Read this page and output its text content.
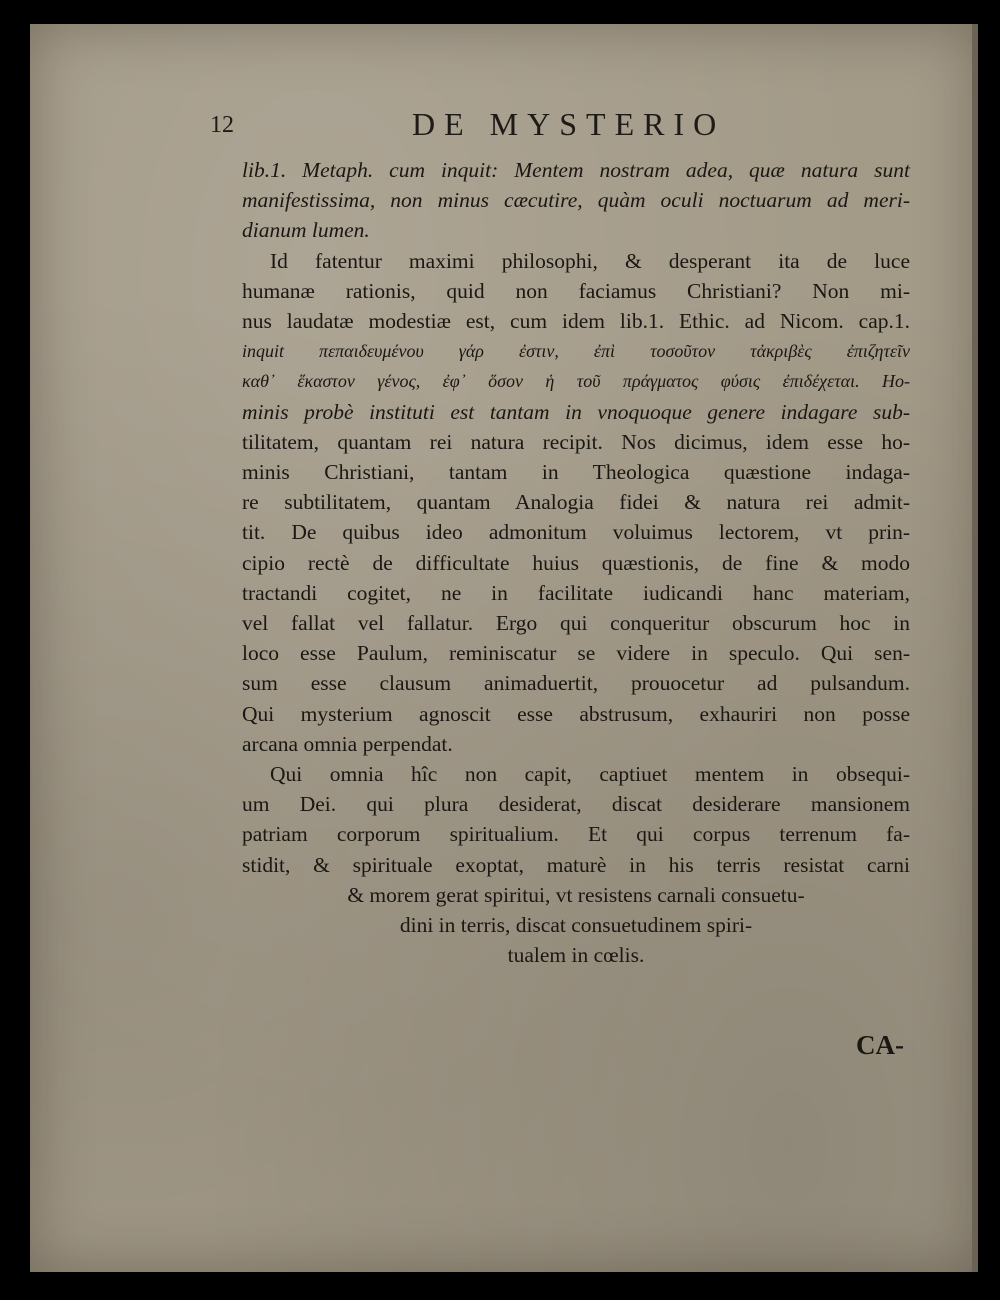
12	DE MYSTERIO
lib.1. Metaph. cum inquit: Mentem nostram adea, quæ natura sunt
manifestissima, non minus cæcutire, quàm oculi noctuarum ad meri-
dianum lumen.
Id fatentur maximi philosophi, & desperant ita de luce
humanæ rationis, quid non faciamus Christiani? Non mi-
nus laudatæ modestiæ est, cum idem lib.1. Ethic. ad Nicom. cap.1.
inquit πεπαιδευμένου γάρ ἐστιν, ἐπὶ τοσοῦτον τἀκριβὲς ἐπιζητεῖν
καθ᾽ ἕκαστον γένος, ἐφ᾽ ὅσον ἡ τοῦ πράγματος φύσις ἐπιδέχεται. Ho-
minis probè instituti est tantam in vnoquoque genere indagare sub-
tilitatem, quantam rei natura recipit. Nos dicimus, idem esse ho-
minis Christiani, tantam in Theologica quæstione indaga-
re subtilitatem, quantam Analogia fidei & natura rei admit-
tit. De quibus ideo admonitum voluimus lectorem, vt prin-
cipio rectè de difficultate huius quæstionis, de fine & modo
tractandi cogitet, ne in facilitate iudicandi hanc materiam,
vel fallat vel fallatur. Ergo qui conqueritur obscurum hoc in
loco esse Paulum, reminiscatur se videre in speculo. Qui sen-
sum esse clausum animaduertit, prouocetur ad pulsandum.
Qui mysterium agnoscit esse abstrusum, exhauriri non posse
arcana omnia perpendat.
Qui omnia hîc non capit, captiuet mentem in obsequi-
um Dei. qui plura desiderat, discat desiderare mansionem
patriam corporum spiritualium. Et qui corpus terrenum fa-
stidit, & spirituale exoptat, maturè in his terris resistat carni
& morem gerat spiritui, vt resistens carnali consuetu-
dini in terris, discat consuetudinem spiri-
tualem in cœlis.
CA-
